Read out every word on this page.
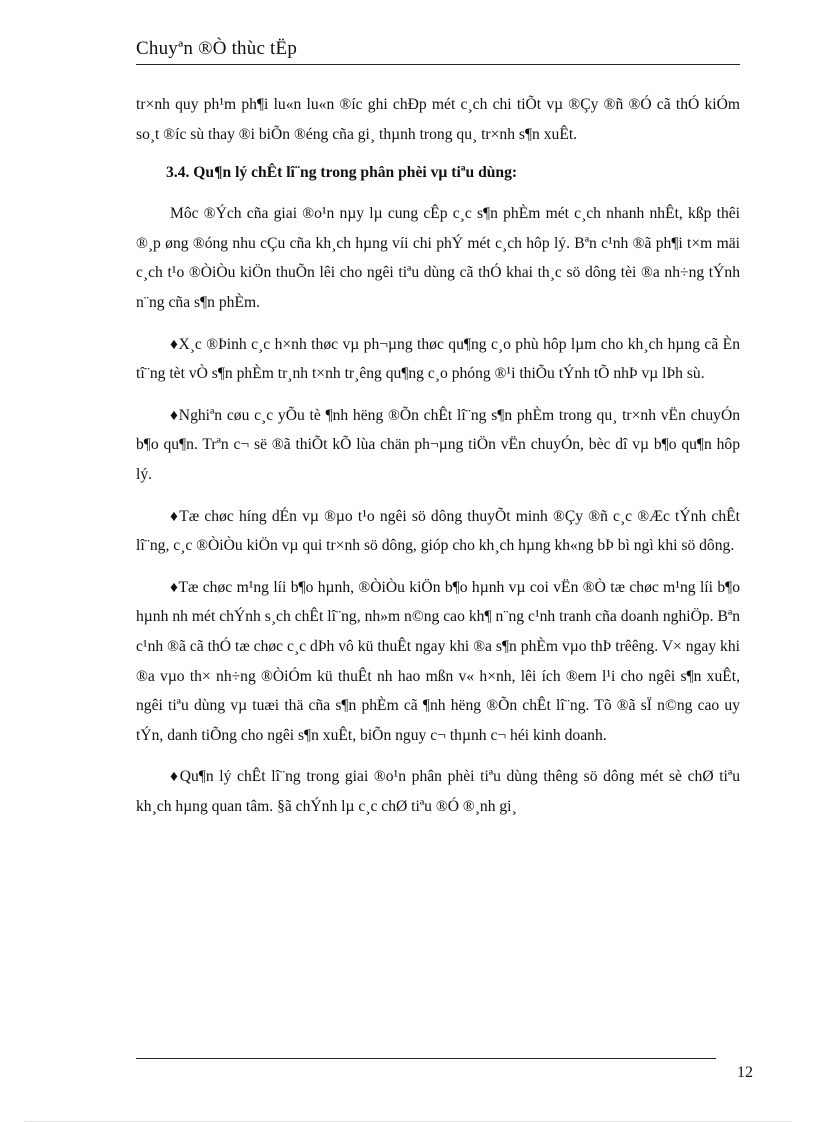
Chuyªn ®Ò thùc tËp

tr×nh quy ph¹m ph¶i lu«n lu«n ®íc ghi chÐp mét c¸ch chi tiÕt vµ ®Çy ®ñ ®Ó cã thÓ kiÓm so¸t ®íc sù thay ®i biÕn ®éng cña gi¸ thµnh trong qu¸ tr×nh s¶n xuÊt.

3.4. Qu¶n lý chÊt lî¨ng trong phân phèi vµ tiªu dùng:

Môc ®Ých cña giai ®o¹n nµy lµ cung cÊp c¸c s¶n phÈm mét c¸ch nhanh nhÊt, kßp thêi ®¸p øng ®óng nhu cÇu cña kh¸ch hµng víi chi phÝ mét c¸ch hôp lý. Bªn c¹nh ®ã ph¶i t×m mäi c¸ch t¹o ®ÒiÒu kiÖn thuÕn lêi cho ngêi tiªu dùng cã thÓ khai th¸c sö dông tèi ®a nh÷ng tÝnh n¨ng cña s¶n phÈm.

♦X¸c ®Þinh c¸c h×nh thøc vµ ph¬µng thøc qu¶ng c¸o phù hôp lµm cho kh¸ch hµng cã Èn tî¨ng tèt vÒ s¶n phÈm tr¸nh t×nh tr¸êng qu¶ng c¸o phóng ®¹i thiÕu tÝnh tÕ nhÞ vµ lÞh sù.

♦Nghiªn cøu c¸c yÕu tè ¶nh hëng ®Õn chÊt lî¨ng s¶n phÈm trong qu¸ tr×nh vËn chuyÓn b¶o qu¶n. Trªn c¬ së ®ã thiÕt kÕ lùa chän ph¬µng tiÖn vËn chuyÓn, bèc dî vµ b¶o qu¶n hôp lý.

♦Tæ chøc híng dÉn vµ ®µo t¹o ngêi sö dông thuyÕt minh ®Çy ®ñ c¸c ®Æc tÝnh chÊt lî¨ng, c¸c ®ÒiÒu kiÖn vµ qui tr×nh sö dông, gióp cho kh¸ch hµng kh«ng bÞ bì ngì khi sö dông.

♦Tæ chøc m¹ng líi b¶o hµnh, ®ÒiÒu kiÖn b¶o hµnh vµ coi vËn ®Ò tæ chøc m¹ng líi b¶o hµnh nh mét chÝnh s¸ch chÊt lî¨ng, nh»m n©ng cao kh¶ n¨ng c¹nh tranh cña doanh nghiÖp. Bªn c¹nh ®ã cã thÓ tæ chøc c¸c dÞh vô kü thuÊt ngay khi ®a s¶n phÈm vµo thÞ trêêng. V× ngay khi ®a vµo th× nh÷ng ®ÒiÓm kü thuÊt nh hao mßn v« h×nh, lêi ích ®em l¹i cho ngêi s¶n xuÊt, ngêi tiªu dùng vµ tuæi thä cña s¶n phÈm cã ¶nh hëng ®Õn chÊt lî¨ng. Tõ ®ã sÏ n©ng cao uy tÝn, danh tiÕng cho ngêi s¶n xuÊt, biÕn nguy c¬ thµnh c¬ héi kinh doanh.

♦Qu¶n lý chÊt lî¨ng trong giai ®o¹n phân phèi tiªu dùng thêng sö dông mét sè chØ tiªu kh¸ch hµng quan tâm. §ã chÝnh lµ c¸c chØ tiªu ®Ó ®¸nh gi¸

12
